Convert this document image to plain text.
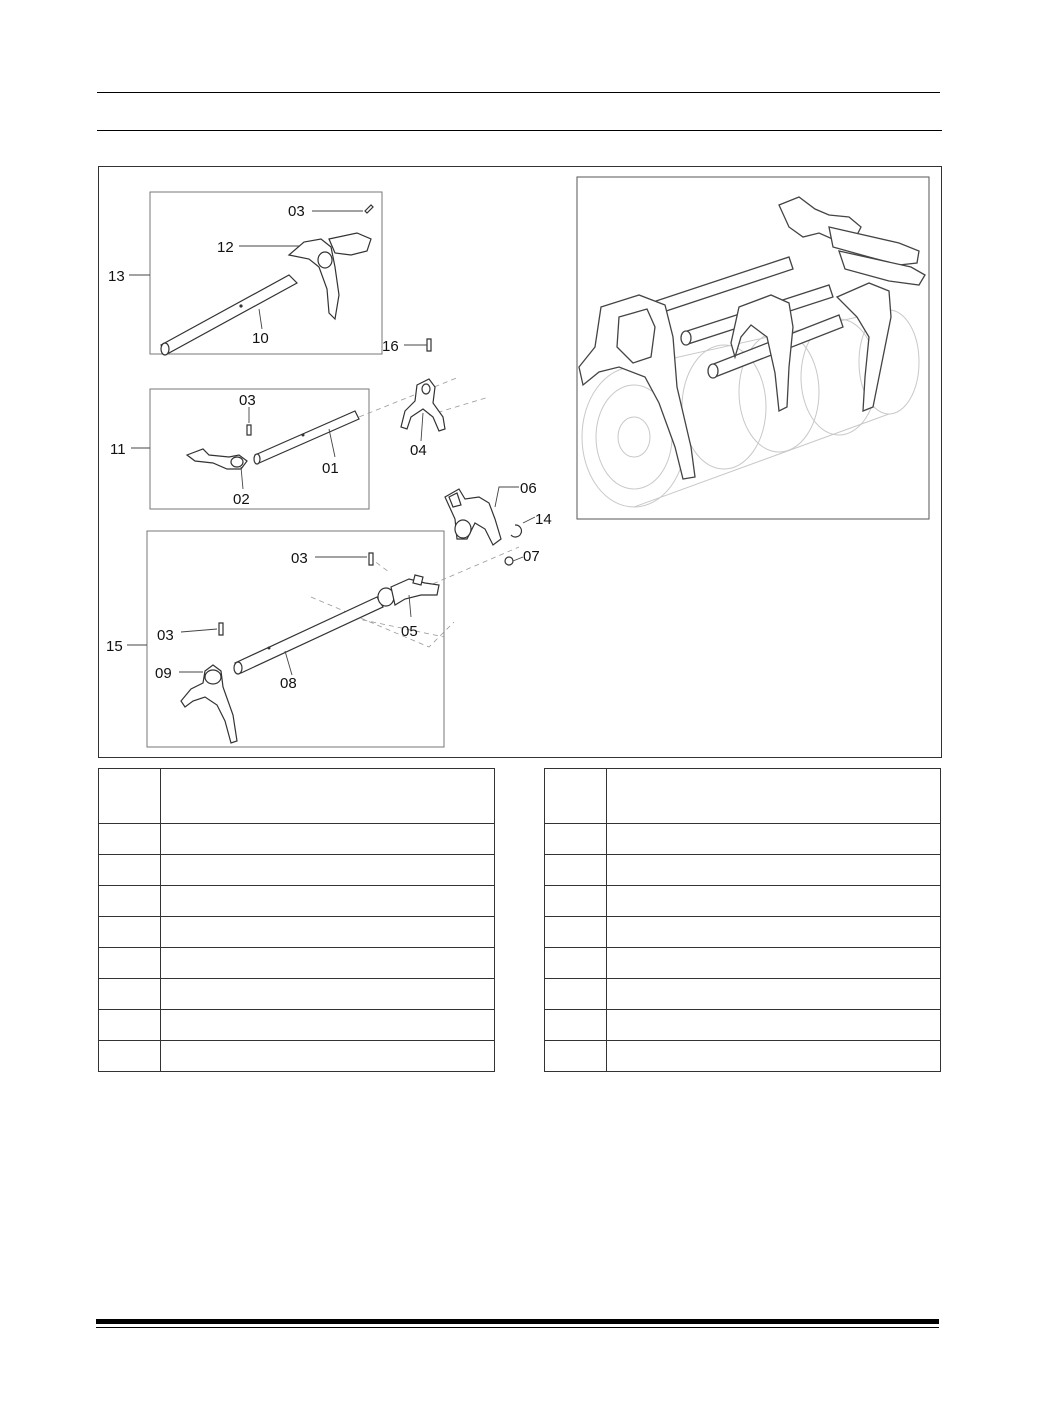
03
12
13
10	16
03
11
01
04
02
06
14
07
03
05
03
15
09
08
